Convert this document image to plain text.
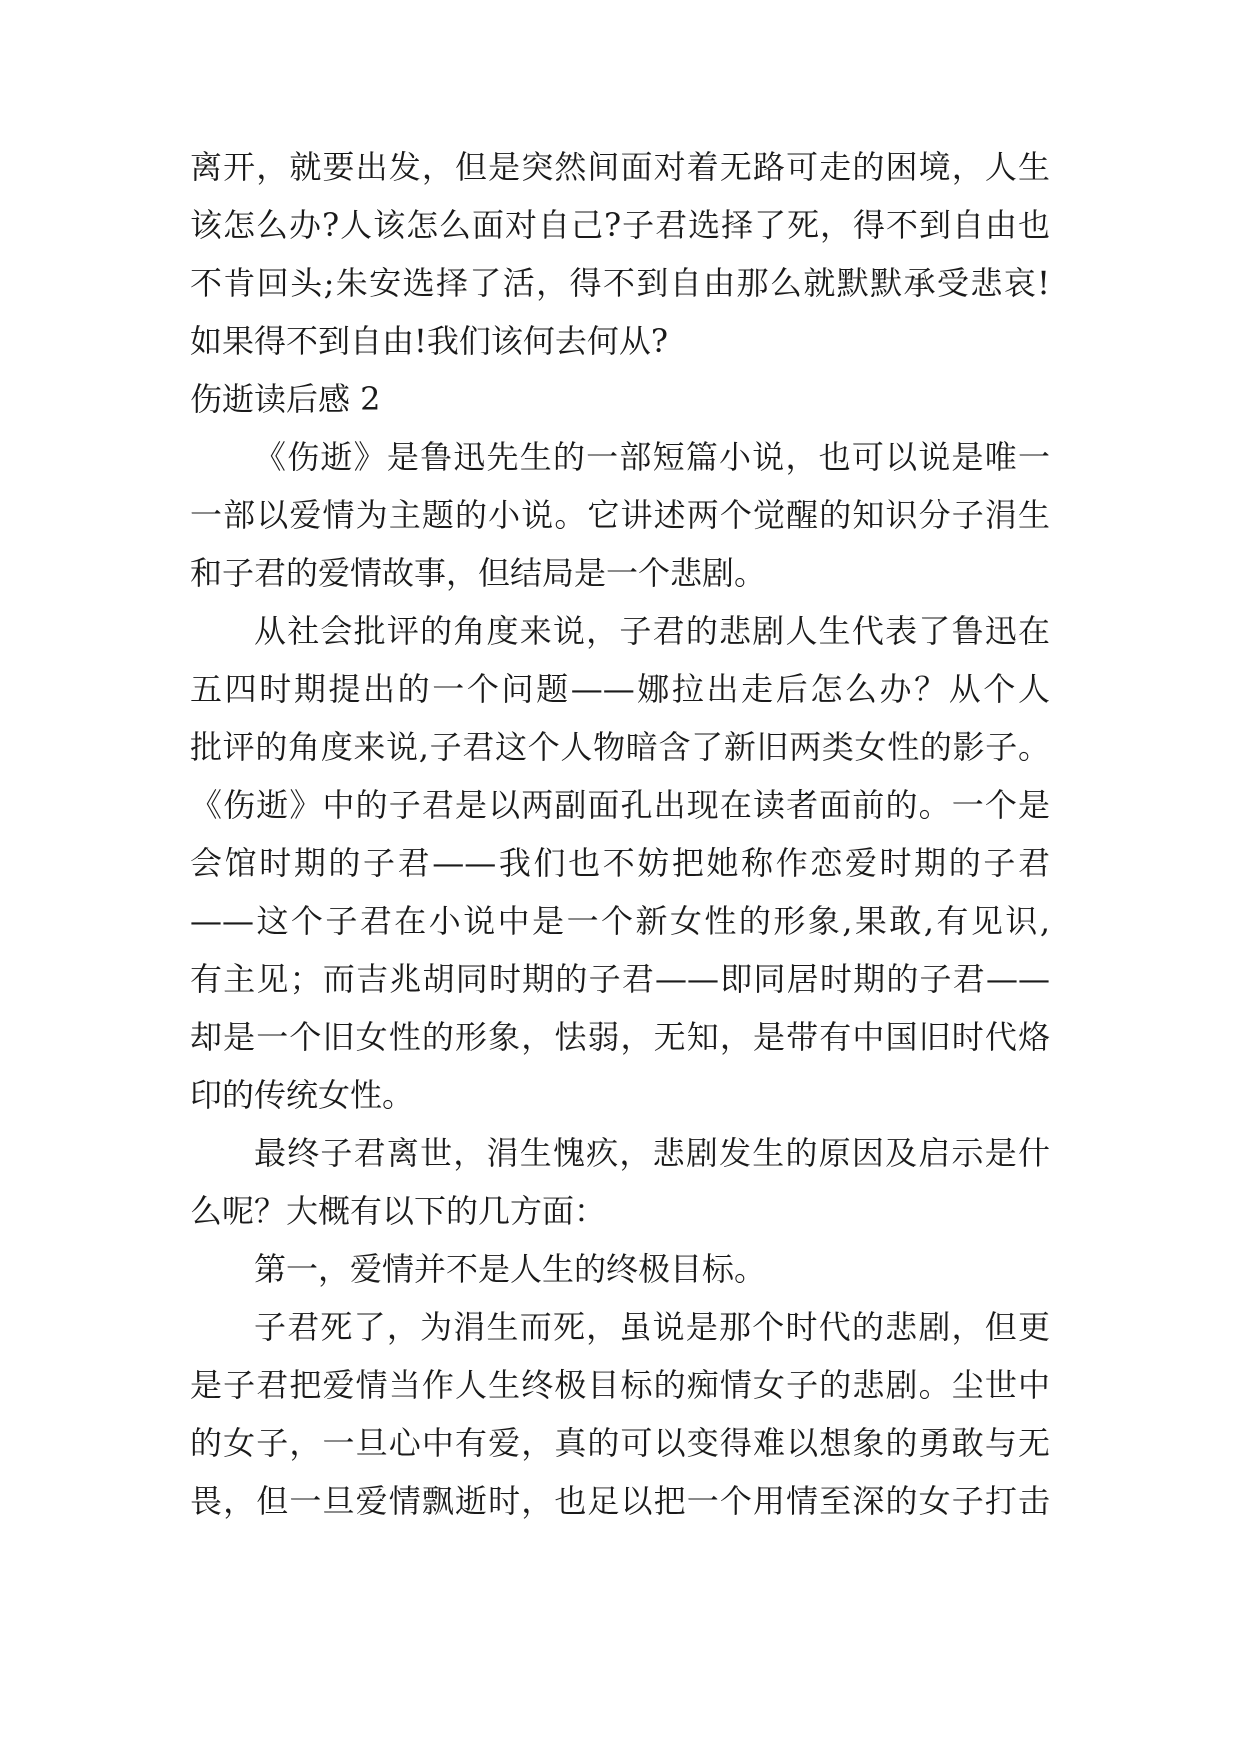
离开，就要出发，但是突然间面对着无路可走的困境，人生
该怎么办?人该怎么面对自己?子君选择了死，得不到自由也
不肯回头;朱安选择了活，得不到自由那么就默默承受悲哀!
如果得不到自由!我们该何去何从?
伤逝读后感 2
《伤逝》是鲁迅先生的一部短篇小说，也可以说是唯一
一部以爱情为主题的小说。它讲述两个觉醒的知识分子涓生
和子君的爱情故事，但结局是一个悲剧。
从社会批评的角度来说，子君的悲剧人生代表了鲁迅在
五四时期提出的一个问题——娜拉出走后怎么办？从个人
批评的角度来说,子君这个人物暗含了新旧两类女性的影子。
《伤逝》中的子君是以两副面孔出现在读者面前的。一个是
会馆时期的子君——我们也不妨把她称作恋爱时期的子君
——这个子君在小说中是一个新女性的形象,果敢,有见识,
有主见；而吉兆胡同时期的子君——即同居时期的子君——
却是一个旧女性的形象，怯弱，无知，是带有中国旧时代烙
印的传统女性。
最终子君离世，涓生愧疚，悲剧发生的原因及启示是什
么呢？大概有以下的几方面：
第一，爱情并不是人生的终极目标。
子君死了，为涓生而死，虽说是那个时代的悲剧，但更
是子君把爱情当作人生终极目标的痴情女子的悲剧。尘世中
的女子，一旦心中有爱，真的可以变得难以想象的勇敢与无
畏，但一旦爱情飘逝时，也足以把一个用情至深的女子打击
